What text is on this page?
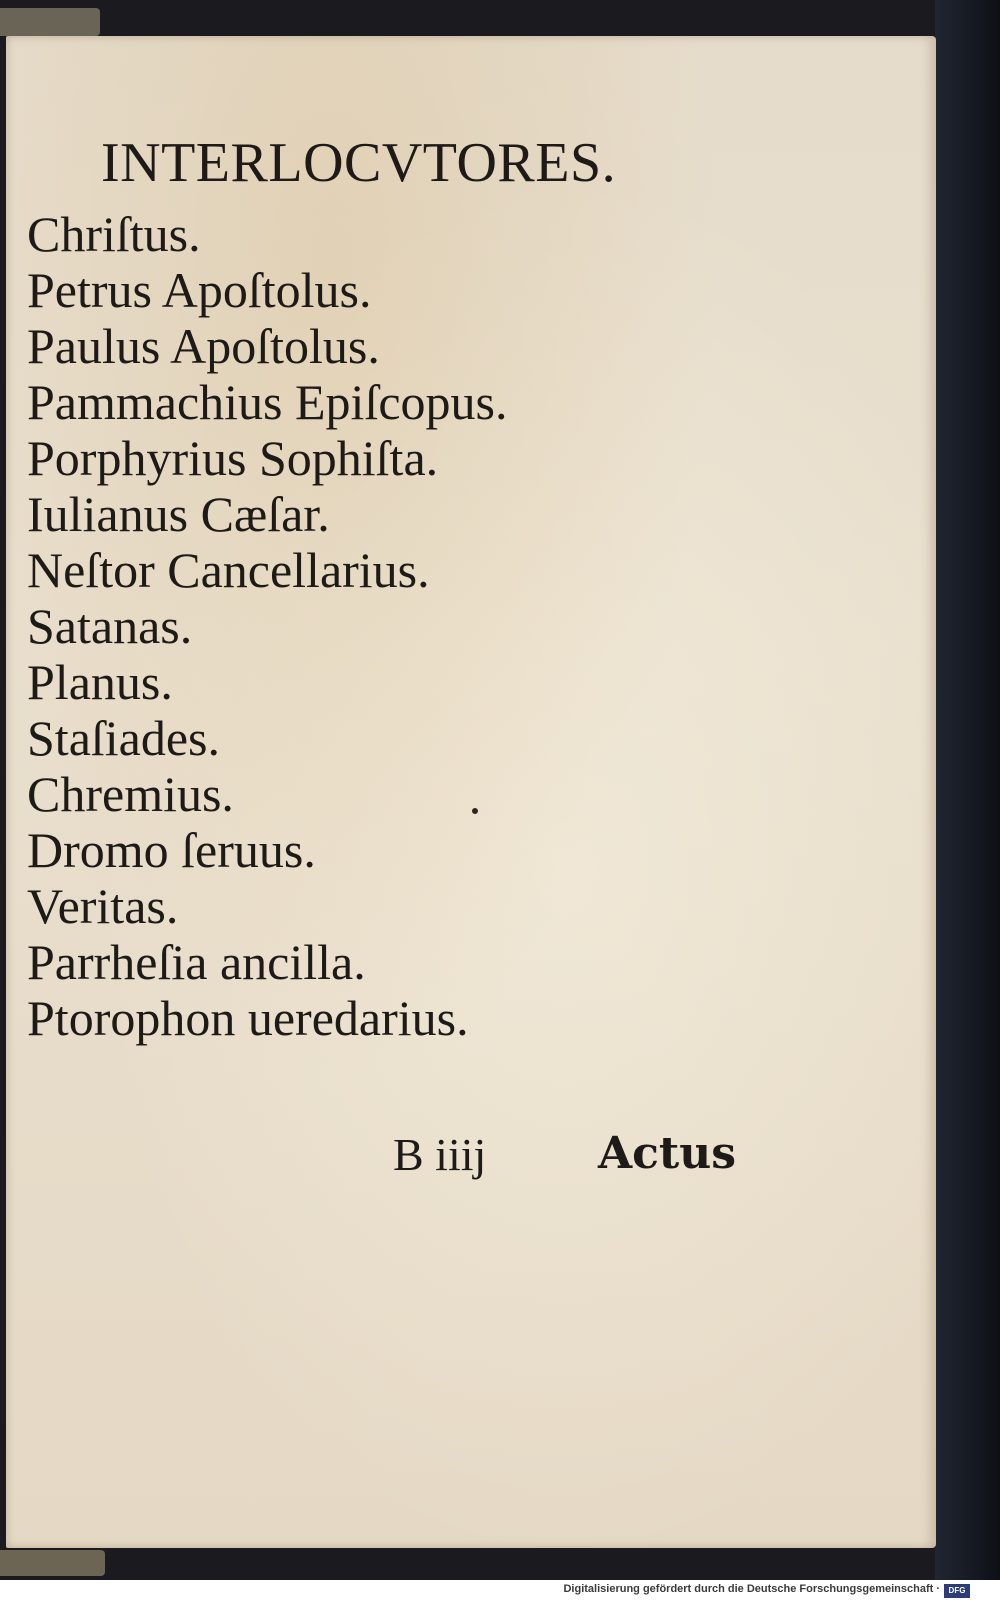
INTERLOCVTORES.
Chriſtus.
Petrus Apoſtolus.
Paulus Apoſtolus.
Pammachius Epiſcopus.
Porphyrius Sophiſta.
Iulianus Cæſar.
Neſtor Cancellarius.
Satanas.
Planus.
Staſiades.
Chremius.
Dromo ſeruus.
Veritas.
Parrheſia ancilla.
Ptorophon ueredarius.
B iiij	Actus
Digitalisierung gefördert durch die Deutsche Forschungsgemeinschaft ·	DFG
